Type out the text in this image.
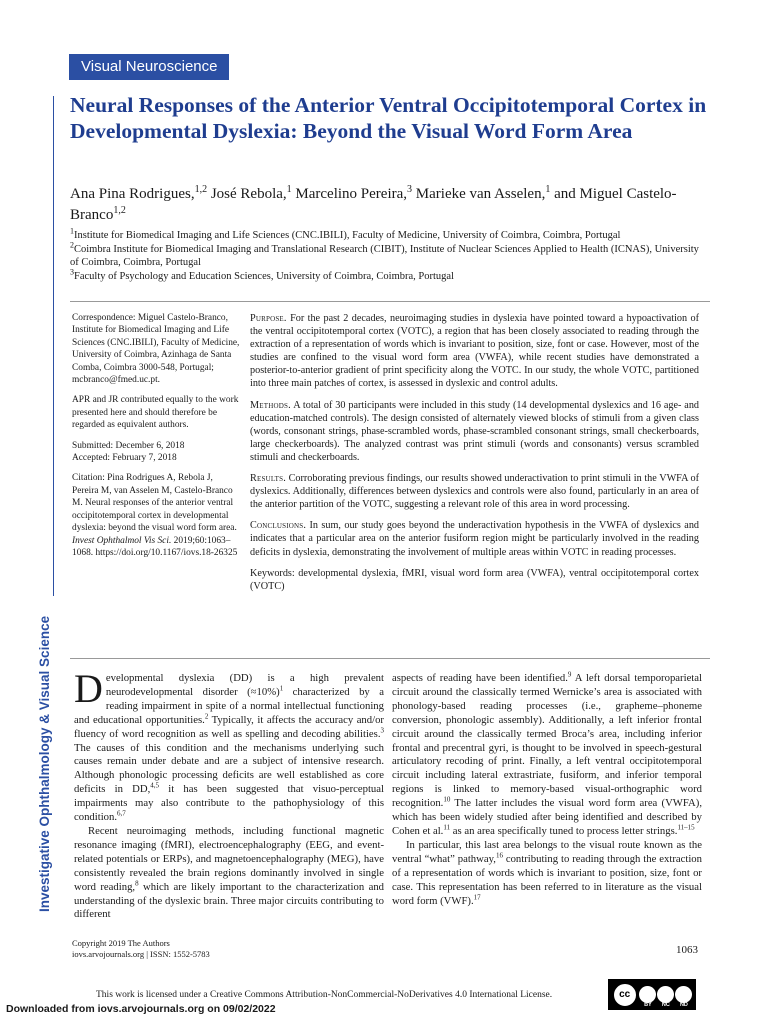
Visual Neuroscience
Investigative Ophthalmology & Visual Science
Neural Responses of the Anterior Ventral Occipitotemporal Cortex in Developmental Dyslexia: Beyond the Visual Word Form Area
Ana Pina Rodrigues,$^{1,2}$ José Rebola,$^1$ Marcelino Pereira,$^3$ Marieke van Asselen,$^1$ and Miguel Castelo-Branco$^{1,2}$
$^1$Institute for Biomedical Imaging and Life Sciences (CNC.IBILI), Faculty of Medicine, University of Coimbra, Coimbra, Portugal
$^2$Coimbra Institute for Biomedical Imaging and Translational Research (CIBIT), Institute of Nuclear Sciences Applied to Health (ICNAS), University of Coimbra, Coimbra, Portugal
$^3$Faculty of Psychology and Education Sciences, University of Coimbra, Coimbra, Portugal

Correspondence: Miguel Castelo-Branco, Institute for Biomedical Imaging and Life Sciences (CNC.IBILI), Faculty of Medicine, University of Coimbra, Azinhaga de Santa Comba, Coimbra 3000-548, Portugal; mcbranco@fmed.uc.pt.

APR and JR contributed equally to the work presented here and should therefore be regarded as equivalent authors.

Submitted: December 6, 2018
Accepted: February 7, 2018

Citation: Pina Rodrigues A, Rebola J, Pereira M, van Asselen M, Castelo-Branco M. Neural responses of the anterior ventral occipitotemporal cortex in developmental dyslexia: beyond the visual word form area. Invest Ophthalmol Vis Sci. 2019;60:1063–1068. https://doi.org/10.1167/iovs.18-26325

Purpose. For the past 2 decades, neuroimaging studies in dyslexia have pointed toward a hypoactivation of the ventral occipitotemporal cortex (VOTC), a region that has been closely associated to reading through the extraction of a representation of words which is invariant to position, size, font or case. However, most of the studies are confined to the visual word form area (VWFA), while recent studies have demonstrated a posterior-to-anterior gradient of print specificity along the VOTC. In our study, the whole VOTC, partitioned into three main patches of cortex, is assessed in dyslexic and control adults.

Methods. A total of 30 participants were included in this study (14 developmental dyslexics and 16 age- and education-matched controls). The design consisted of alternately viewed blocks of stimuli from a given class (words, consonant strings, phase-scrambled words, phase-scrambled consonant strings, small checkerboards, large checkerboards). The analyzed contrast was print stimuli (words and consonants) versus scrambled stimuli and checkerboards.

Results. Corroborating previous findings, our results showed underactivation to print stimuli in the VWFA of dyslexics. Additionally, differences between dyslexics and controls were also found, particularly in an area of the anterior partition of the VOTC, suggesting a relevant role of this area in word processing.

Conclusions. In sum, our study goes beyond the underactivation hypothesis in the VWFA of dyslexics and indicates that a particular area on the anterior fusiform region might be particularly involved in the reading deficits in dyslexia, demonstrating the involvement of multiple areas within VOTC in reading processes.

Keywords: developmental dyslexia, fMRI, visual word form area (VWFA), ventral occipitotemporal cortex (VOTC)

Developmental dyslexia (DD) is a high prevalent neurodevelopmental disorder (≈10%)$^1$ characterized by a reading impairment in spite of a normal intellectual functioning and educational opportunities.$^2$ Typically, it affects the accuracy and/or fluency of word recognition as well as spelling and decoding abilities.$^3$ The causes of this condition and the mechanisms underlying such causes remain under debate and are a subject of intensive research. Although phonologic processing deficits are well established as core deficits in DD,$^{4,5}$ it has been suggested that visuo-perceptual impairments may also contribute to the pathophysiology of this condition.$^{6,7}$

Recent neuroimaging methods, including functional magnetic resonance imaging (fMRI), electroencephalography (EEG, and event-related potentials or ERPs), and magnetoencephalography (MEG), have consistently revealed the brain regions dominantly involved in single word reading,$^8$ which are likely important to the characterization and understanding of the dyslexic brain. Three major circuits contributing to different

aspects of reading have been identified.$^9$ A left dorsal temporoparietal circuit around the classically termed Wernicke’s area is associated with phonology-based reading processes (i.e., grapheme–phoneme conversion, phonologic assembly). Additionally, a left inferior frontal circuit around the classically termed Broca’s area, including inferior frontal and precentral gyri, is thought to be involved in speech-gestural articulatory recoding of print. Finally, a left ventral occipitotemporal circuit including lateral extrastriate, fusiform, and inferior temporal regions is linked to memory-based visual-orthographic word recognition.$^{10}$ The latter includes the visual word form area (VWFA), which has been widely studied after being identified and described by Cohen et al.$^{11}$ as an area specifically tuned to process letter strings.$^{11-15}$

In particular, this last area belongs to the visual route known as the ventral “what” pathway,$^{16}$ contributing to reading through the extraction of a representation of words which is invariant to position, size, font or case. This representation has been referred to in literature as the visual word form (VWF).$^{17}$

Copyright 2019 The Authors
iovs.arvojournals.org | ISSN: 1552-5783	1063
This work is licensed under a Creative Commons Attribution-NonCommercial-NoDerivatives 4.0 International License.	cc
BY NC ND
Downloaded from iovs.arvojournals.org on 09/02/2022
